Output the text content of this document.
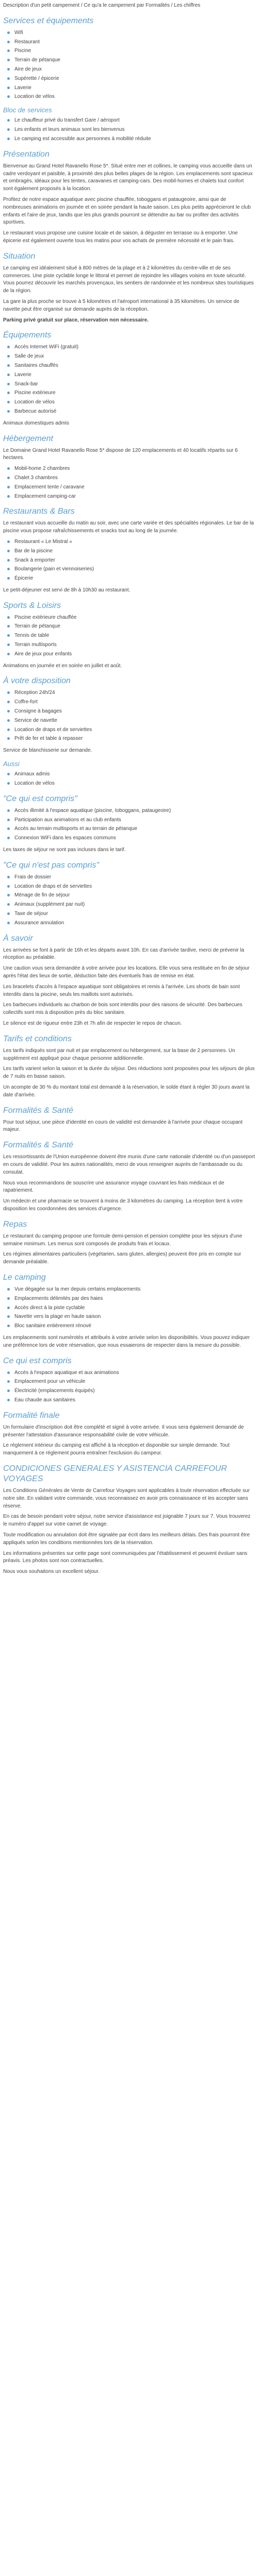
Description d'un petit campement / Ce qu'a le campement par Formalités / Les chiffres

Services et équipements
Wifi
Restaurant
Piscine
Terrain de pétanque
Aire de jeux
Supérette / épicerie
Laverie
Location de vélos
Bloc de services
Le chauffeur privé du transfert Gare / aéroport
Les enfants et leurs animaux sont les bienvenus
Le camping est accessible aux personnes à mobilité réduite
Présentation

Bienvenue au Grand Hotel Ravanello Rose 5*. Situé entre mer et collines, le camping vous accueille dans un cadre verdoyant et paisible, à proximité des plus belles plages de la région. Les emplacements sont spacieux et ombragés, idéaux pour les tentes, caravanes et camping-cars. Des mobil-homes et chalets tout confort sont également proposés à la location.

Profitez de notre espace aquatique avec piscine chauffée, toboggans et pataugeoire, ainsi que de nombreuses animations en journée et en soirée pendant la haute saison. Les plus petits apprécieront le club enfants et l'aire de jeux, tandis que les plus grands pourront se détendre au bar ou profiter des activités sportives.

Le restaurant vous propose une cuisine locale et de saison, à déguster en terrasse ou à emporter. Une épicerie est également ouverte tous les matins pour vos achats de première nécessité et le pain frais.

Situation

Le camping est idéalement situé à 800 mètres de la plage et à 2 kilomètres du centre-ville et de ses commerces. Une piste cyclable longe le littoral et permet de rejoindre les villages voisins en toute sécurité. Vous pourrez découvrir les marchés provençaux, les sentiers de randonnée et les nombreux sites touristiques de la région.

La gare la plus proche se trouve à 5 kilomètres et l'aéroport international à 35 kilomètres. Un service de navette peut être organisé sur demande auprès de la réception.

Parking privé gratuit sur place, réservation non nécessaire.

Équipements
Accès Internet WiFi (gratuit)
Salle de jeux
Sanitaires chauffés
Laverie
Snack-bar
Piscine extérieure
Location de vélos
Barbecue autorisé

Animaux domestiques admis

Hébergement

Le Domaine Grand Hotel Ravanello Rose 5* dispose de 120 emplacements et 40 locatifs répartis sur 6 hectares.

Mobil-home 2 chambres
Chalet 3 chambres
Emplacement tente / caravane
Emplacement camping-car
Restaurants & Bars

Le restaurant vous accueille du matin au soir, avec une carte variée et des spécialités régionales. Le bar de la piscine vous propose rafraîchissements et snacks tout au long de la journée.

Restaurant « Le Mistral »
Bar de la piscine
Snack à emporter
Boulangerie (pain et viennoiseries)
Épicerie

Le petit-déjeuner est servi de 8h à 10h30 au restaurant.

Sports & Loisirs
Piscine extérieure chauffée
Terrain de pétanque
Tennis de table
Terrain multisports
Aire de jeux pour enfants

Animations en journée et en soirée en juillet et août.

À votre disposition
Réception 24h/24
Coffre-fort
Consigne à bagages
Service de navette
Location de draps et de serviettes
Prêt de fer et table à repasser

Service de blanchisserie sur demande.

Aussi
Animaux admis
Location de vélos
"Ce qui est compris"
Accès illimité à l'espace aquatique (piscine, toboggans, pataugeoire)
Participation aux animations et au club enfants
Accès au terrain multisports et au terrain de pétanque
Connexion WiFi dans les espaces communs

Les taxes de séjour ne sont pas incluses dans le tarif.

"Ce qui n'est pas compris"
Frais de dossier
Location de draps et de serviettes
Ménage de fin de séjour
Animaux (supplément par nuit)
Taxe de séjour
Assurance annulation
À savoir

Les arrivées se font à partir de 16h et les départs avant 10h. En cas d'arrivée tardive, merci de prévenir la réception au préalable.

Une caution vous sera demandée à votre arrivée pour les locations. Elle vous sera restituée en fin de séjour après l'état des lieux de sortie, déduction faite des éventuels frais de remise en état.

Les bracelets d'accès à l'espace aquatique sont obligatoires et remis à l'arrivée. Les shorts de bain sont interdits dans la piscine, seuls les maillots sont autorisés.

Les barbecues individuels au charbon de bois sont interdits pour des raisons de sécurité. Des barbecues collectifs sont mis à disposition près du bloc sanitaire.

Le silence est de rigueur entre 23h et 7h afin de respecter le repos de chacun.

Tarifs et conditions

Les tarifs indiqués sont par nuit et par emplacement ou hébergement, sur la base de 2 personnes. Un supplément est appliqué pour chaque personne additionnelle.

Les tarifs varient selon la saison et la durée du séjour. Des réductions sont proposées pour les séjours de plus de 7 nuits en basse saison.

Un acompte de 30 % du montant total est demandé à la réservation, le solde étant à régler 30 jours avant la date d'arrivée.

Formalités & Santé

Pour tout séjour, une pièce d'identité en cours de validité est demandée à l'arrivée pour chaque occupant majeur.

Formalités & Santé

Les ressortissants de l'Union européenne doivent être munis d'une carte nationale d'identité ou d'un passeport en cours de validité. Pour les autres nationalités, merci de vous renseigner auprès de l'ambassade ou du consulat.

Nous vous recommandons de souscrire une assurance voyage couvrant les frais médicaux et de rapatriement.

Un médecin et une pharmacie se trouvent à moins de 3 kilomètres du camping. La réception tient à votre disposition les coordonnées des services d'urgence.

Repas

Le restaurant du camping propose une formule demi-pension et pension complète pour les séjours d'une semaine minimum. Les menus sont composés de produits frais et locaux.

Les régimes alimentaires particuliers (végétarien, sans gluten, allergies) peuvent être pris en compte sur demande préalable.

Le camping
Vue dégagée sur la mer depuis certains emplacements
Emplacements délimités par des haies
Accès direct à la piste cyclable
Navette vers la plage en haute saison
Bloc sanitaire entièrement rénové

Les emplacements sont numérotés et attribués à votre arrivée selon les disponibilités. Vous pouvez indiquer une préférence lors de votre réservation, que nous essaierons de respecter dans la mesure du possible.

Ce qui est compris
Accès à l'espace aquatique et aux animations
Emplacement pour un véhicule
Électricité (emplacements équipés)
Eau chaude aux sanitaires
Formalité finale

Un formulaire d'inscription doit être complété et signé à votre arrivée. Il vous sera également demandé de présenter l'attestation d'assurance responsabilité civile de votre véhicule.

Le règlement intérieur du camping est affiché à la réception et disponible sur simple demande. Tout manquement à ce règlement pourra entraîner l'exclusion du campeur.

CONDICIONES GENERALES Y ASISTENCIA CARREFOUR VOYAGES

Les Conditions Générales de Vente de Carrefour Voyages sont applicables à toute réservation effectuée sur notre site. En validant votre commande, vous reconnaissez en avoir pris connaissance et les accepter sans réserve.

En cas de besoin pendant votre séjour, notre service d'assistance est joignable 7 jours sur 7. Vous trouverez le numéro d'appel sur votre carnet de voyage.

Toute modification ou annulation doit être signalée par écrit dans les meilleurs délais. Des frais pourront être appliqués selon les conditions mentionnées lors de la réservation.

Les informations présentes sur cette page sont communiquées par l'établissement et peuvent évoluer sans préavis. Les photos sont non contractuelles.

Nous vous souhaitons un excellent séjour.
